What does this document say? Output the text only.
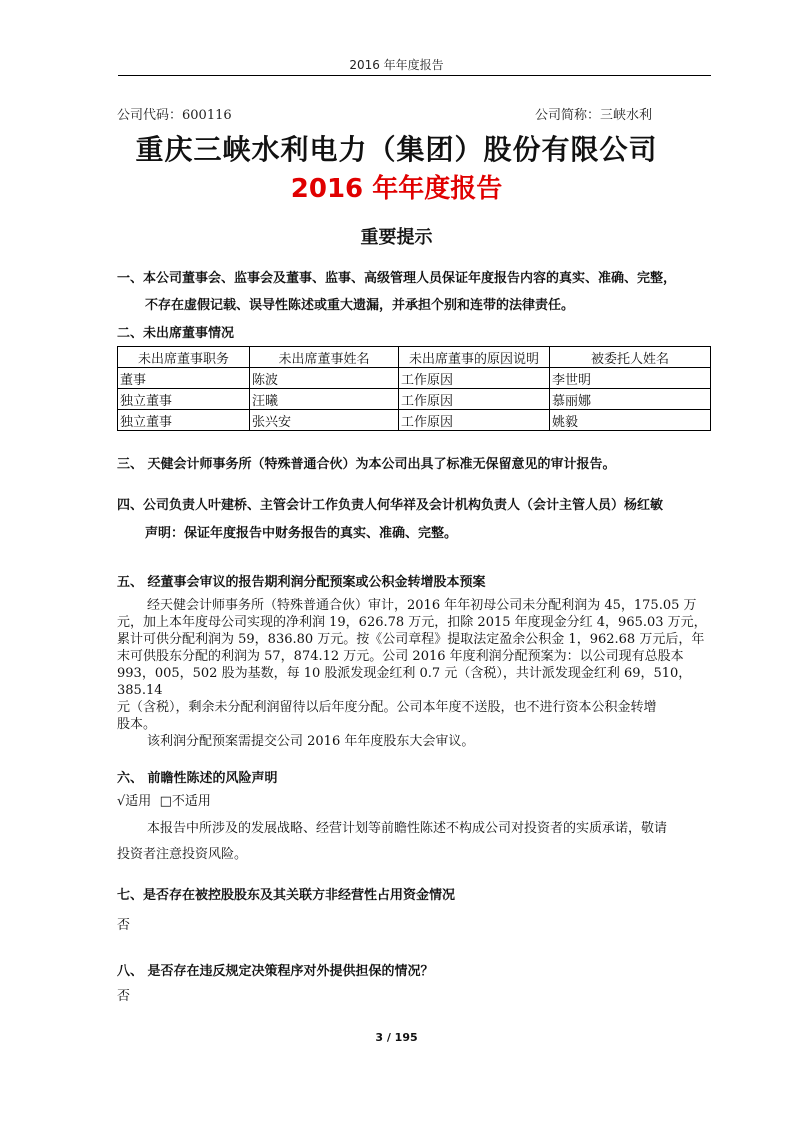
2016 年年度报告
公司代码：600116	公司简称：三峡水利
重庆三峡水利电力（集团）股份有限公司
2016 年年度报告
重要提示
一、本公司董事会、监事会及董事、监事、高级管理人员保证年度报告内容的真实、准确、完整，
不存在虚假记载、误导性陈述或重大遗漏，并承担个别和连带的法律责任。
二、未出席董事情况
未出席董事职务	未出席董事姓名	未出席董事的原因说明	被委托人姓名
董事	陈波	工作原因	李世明
独立董事	汪曦	工作原因	慕丽娜
独立董事	张兴安	工作原因	姚毅
三、 天健会计师事务所（特殊普通合伙）为本公司出具了标准无保留意见的审计报告。
四、公司负责人叶建桥、主管会计工作负责人何华祥及会计机构负责人（会计主管人员）杨红敏
声明：保证年度报告中财务报告的真实、准确、完整。
五、 经董事会审议的报告期利润分配预案或公积金转增股本预案
经天健会计师事务所（特殊普通合伙）审计，2016 年年初母公司未分配利润为 45，175.05 万
元，加上本年度母公司实现的净利润 19，626.78 万元，扣除 2015 年度现金分红 4，965.03 万元，
累计可供分配利润为 59，836.80 万元。按《公司章程》提取法定盈余公积金 1，962.68 万元后，年
末可供股东分配的利润为 57，874.12 万元。公司 2016 年度利润分配预案为：以公司现有总股本
993，005，502 股为基数，每 10 股派发现金红利 0.7 元（含税），共计派发现金红利 69，510，385.14
元（含税），剩余未分配利润留待以后年度分配。公司本年度不送股，也不进行资本公积金转增
股本。
该利润分配预案需提交公司 2016 年年度股东大会审议。
六、 前瞻性陈述的风险声明
√适用 □不适用
本报告中所涉及的发展战略、经营计划等前瞻性陈述不构成公司对投资者的实质承诺，敬请
投资者注意投资风险。
七、是否存在被控股股东及其关联方非经营性占用资金情况
否
八、 是否存在违反规定决策程序对外提供担保的情况？
否
3 / 195
